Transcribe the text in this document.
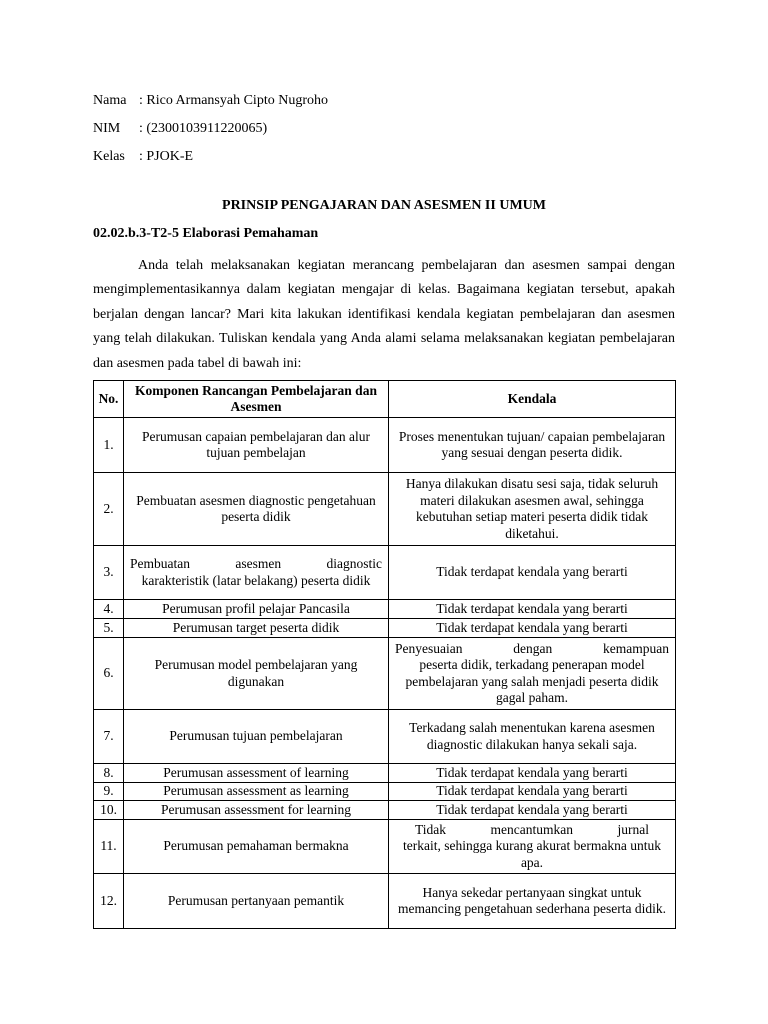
Nama : Rico Armansyah Cipto Nugroho
NIM	: (2300103911220065)
Kelas	: PJOK-E
PRINSIP PENGAJARAN DAN ASESMEN II UMUM
02.02.b.3-T2-5 Elaborasi Pemahaman

Anda telah melaksanakan kegiatan merancang pembelajaran dan asesmen sampai dengan mengimplementasikannya dalam kegiatan mengajar di kelas. Bagaimana kegiatan tersebut, apakah berjalan dengan lancar? Mari kita lakukan identifikasi kendala kegiatan pembelajaran dan asesmen yang telah dilakukan. Tuliskan kendala yang Anda alami selama melaksanakan kegiatan pembelajaran dan asesmen pada tabel di bawah ini:

No.	Komponen Rancangan Pembelajaran dan Asesmen	Kendala
1.	Perumusan capaian pembelajaran dan alur tujuan pembelajan	Proses menentukan tujuan/ capaian pembelajaran yang sesuai dengan peserta didik.
2.	Pembuatan asesmen diagnostic pengetahuan peserta didik	Hanya dilakukan disatu sesi saja, tidak seluruh materi dilakukan asesmen awal, sehingga kebutuhan setiap materi peserta didik tidak diketahui.
3.	Pembuatan asesmen diagnostic
karakteristik (latar belakang) peserta didik	Tidak terdapat kendala yang berarti
4.	Perumusan profil pelajar Pancasila	Tidak terdapat kendala yang berarti
5.	Perumusan target peserta didik	Tidak terdapat kendala yang berarti
6.	Perumusan model pembelajaran yang digunakan	Penyesuaian dengan kemampuan
peserta didik, terkadang penerapan model pembelajaran yang salah menjadi peserta didik gagal paham.

7.	Perumusan tujuan pembelajaran	Terkadang salah menentukan karena asesmen diagnostic dilakukan hanya sekali saja.
8.	Perumusan assessment of learning	Tidak terdapat kendala yang berarti
9.	Perumusan assessment as learning	Tidak terdapat kendala yang berarti
10.	Perumusan assessment for learning	Tidak terdapat kendala yang berarti
11.	Perumusan pemahaman bermakna	Tidak mencantumkan jurnal
terkait, sehingga kurang akurat bermakna untuk apa.

12.	Perumusan pertanyaan pemantik	Hanya sekedar pertanyaan singkat untuk memancing pengetahuan sederhana peserta didik.
